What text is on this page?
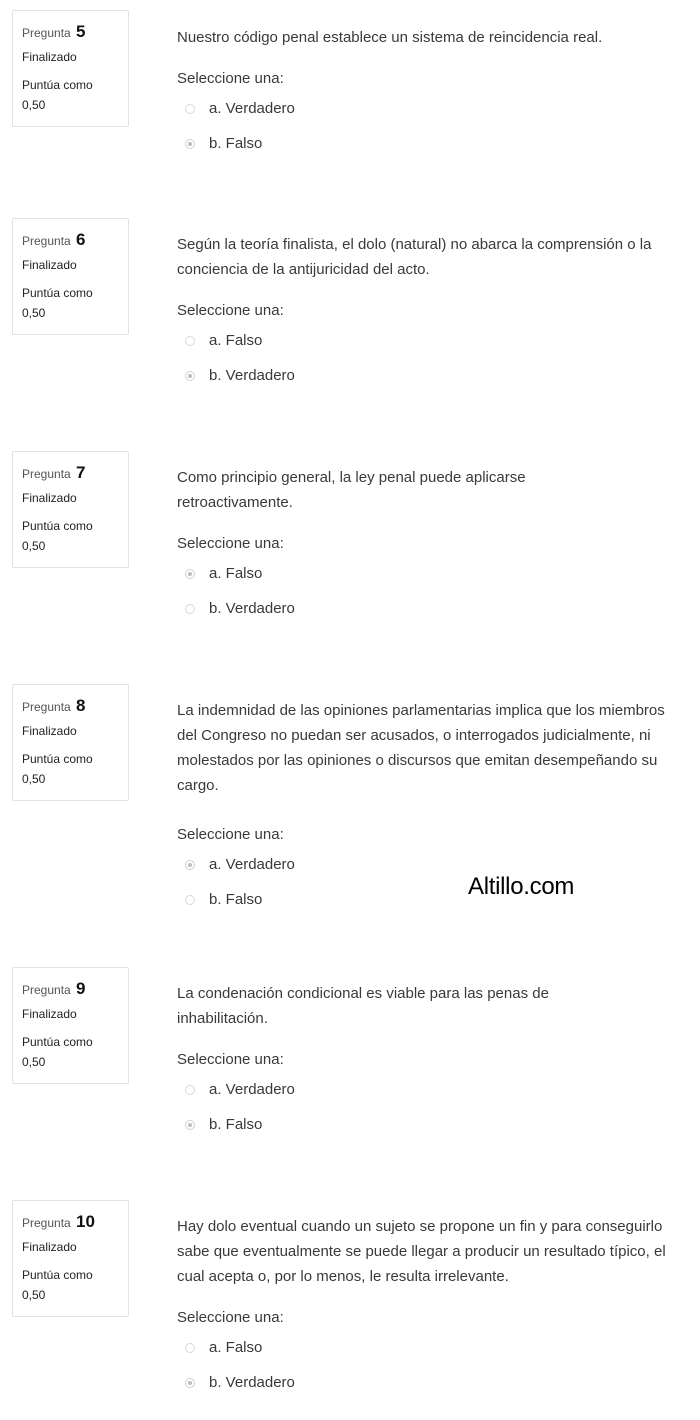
Pregunta 5
Finalizado
Puntúa como
0,50
Nuestro código penal establece un sistema de reincidencia real.
Seleccione una:
a. Verdadero
b. Falso
Pregunta 6
Finalizado
Puntúa como
0,50
Según la teoría finalista, el dolo (natural) no abarca la comprensión o la conciencia de la antijuricidad del acto.
Seleccione una:
a. Falso
b. Verdadero
Pregunta 7
Finalizado
Puntúa como
0,50
Como principio general, la ley penal puede aplicarse retroactivamente.
Seleccione una:
a. Falso
b. Verdadero
Pregunta 8
Finalizado
Puntúa como
0,50
La indemnidad de las opiniones parlamentarias implica que los miembros del Congreso no puedan ser acusados, o interrogados judicialmente, ni molestados por las opiniones o discursos que emitan desempeñando su cargo.
Seleccione una:
a. Verdadero
b. Falso	Altillo.com
Pregunta 9
Finalizado
Puntúa como
0,50
La condenación condicional es viable para las penas de inhabilitación.
Seleccione una:
a. Verdadero
b. Falso
Pregunta 10
Finalizado
Puntúa como
0,50
Hay dolo eventual cuando un sujeto se propone un fin y para conseguirlo sabe que eventualmente se puede llegar a producir un resultado típico, el cual acepta o, por lo menos, le resulta irrelevante.
Seleccione una:
a. Falso
b. Verdadero
